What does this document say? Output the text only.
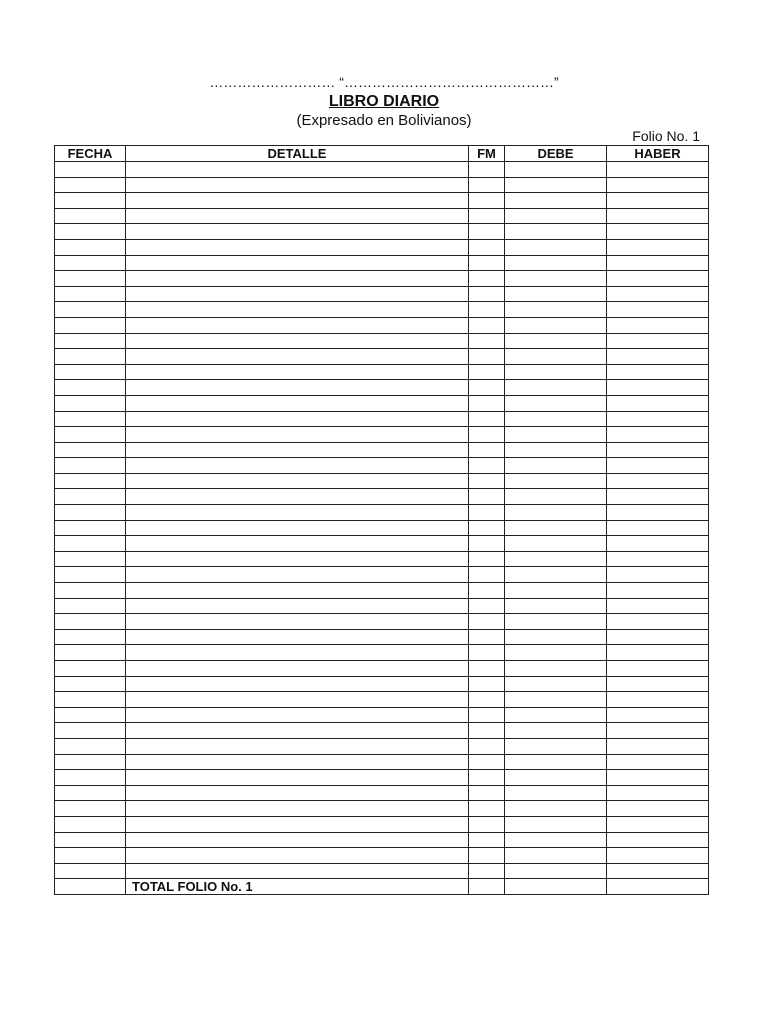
……………………… “………………………………………”
LIBRO DIARIO
(Expresado en Bolivianos)
Folio No. 1
FECHA	DETALLE	FM	DEBE	HABER

	TOTAL FOLIO No. 1			
